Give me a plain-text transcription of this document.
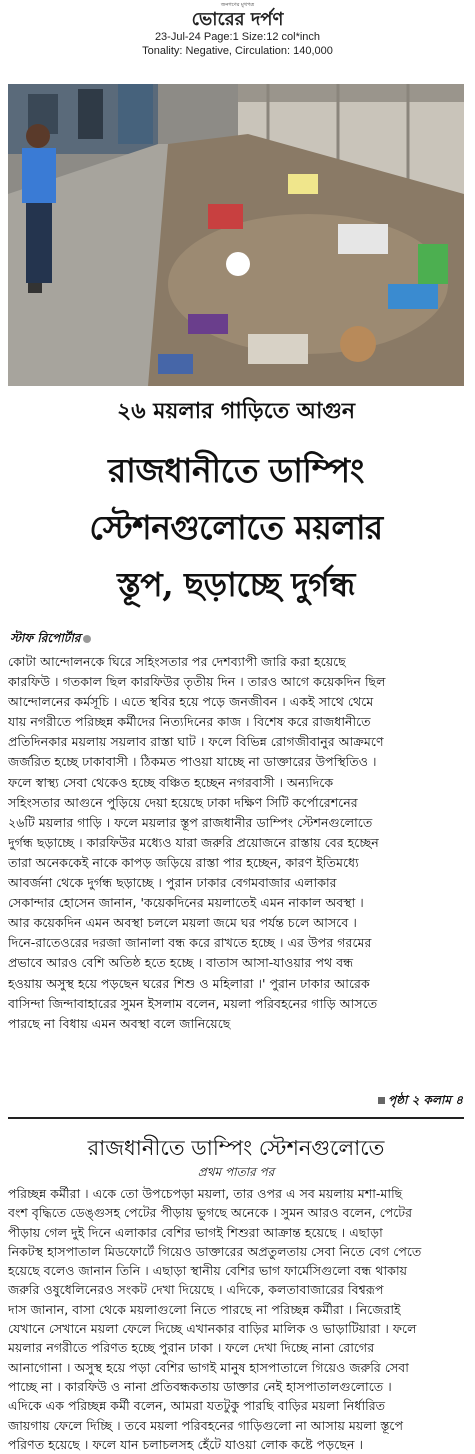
জনগণের মুখপত্র
ভোরের দর্পণ
23-Jul-24 Page:1 Size:12 col*inch
Tonality: Negative, Circulation: 140,000
২৬ ময়লার গাড়িতে আগুন
রাজধানীতে ডাম্পিং
স্টেশনগুলোতে ময়লার
স্তূপ, ছড়াচ্ছে দুর্গন্ধ
স্টাফ রিপোর্টার
কোটা আন্দোলনকে ঘিরে সহিংসতার পর দেশব্যাপী জারি করা হয়েছে
কারফিউ । গতকাল ছিল কারফিউর তৃতীয় দিন । তারও আগে কয়েকদিন ছিল
আন্দোলনের কর্মসূচি । এতে স্থবির হয়ে পড়ে জনজীবন । একই সাথে থেমে
যায় নগরীতে পরিচ্ছন্ন কর্মীদের নিত্যদিনের কাজ । বিশেষ করে রাজধানীতে
প্রতিদিনকার ময়লায় সয়লাব রাস্তা ঘাট । ফলে বিভিন্ন রোগজীবানুর আক্রমণে
জর্জরিত হচ্ছে ঢাকাবাসী । ঠিকমত পাওয়া যাচ্ছে না ডাক্তারের উপস্থিতিও ।
ফলে স্বাস্থ্য সেবা থেকেও হচ্ছে বঞ্চিত হচ্ছেন নগরবাসী । অন্যদিকে
সহিংসতার আগুনে পুড়িয়ে দেয়া হয়েছে ঢাকা দক্ষিণ সিটি কর্পোরেশনের
২৬টি ময়লার গাড়ি । ফলে ময়লার স্তূপ রাজধানীর ডাম্পিং স্টেশনগুলোতে
দুর্গন্ধ ছড়াচ্ছে । কারফিউর মধ্যেও যারা জরুরি প্রয়োজনে রাস্তায় বের হচ্ছেন
তারা অনেককেই নাকে কাপড় জড়িয়ে রাস্তা পার হচ্ছেন, কারণ ইতিমধ্যে
আবর্জনা থেকে দুর্গন্ধ ছড়াচ্ছে । পুরান ঢাকার বেগমবাজার এলাকার
সেকান্দার হোসেন জানান, 'কয়েকদিনের ময়লাতেই এমন নাকাল অবস্থা ।
আর কয়েকদিন এমন অবস্থা চললে ময়লা জমে ঘর পর্যন্ত চলে আসবে ।
দিনে-রাতেওরের দরজা জানালা বন্ধ করে রাখতে হচ্ছে । এর উপর গরমের
প্রভাবে আরও বেশি অতিষ্ঠ হতে হচ্ছে । বাতাস আসা-যাওয়ার পথ বন্ধ
হওয়ায় অসুস্থ হয়ে পড়ছেন ঘরের শিশু ও মহিলারা ।' পুরান ঢাকার আরেক
বাসিন্দা জিন্দাবাহারের সুমন ইসলাম বলেন, ময়লা পরিবহনের গাড়ি আসতে
পারছে না বিধায় এমন অবস্থা বলে জানিয়েছে
পৃষ্ঠা ২ কলাম ৪
রাজধানীতে ডাম্পিং স্টেশনগুলোতে
প্রথম পাতার পর
পরিচ্ছন্ন কর্মীরা । একে তো উপচেপড়া ময়লা, তার ওপর এ সব ময়লায় মশা-মাছি
বংশ বৃদ্ধিতে ডেঙ্গুসহ পেটের পীড়ায় ভুগছে অনেকে । সুমন আরও বলেন, পেটের
পীড়ায় গেল দুই দিনে এলাকার বেশির ভাগই শিশুরা আক্রান্ত হয়েছে । এছাড়া
নিকটস্থ হাসপাতাল মিডফোর্টে গিয়েও ডাক্তারের অপ্রতুলতায় সেবা নিতে বেগ পেতে
হয়েছে বলেও জানান তিনি । এছাড়া স্থানীয় বেশির ভাগ ফার্মেসিগুলো বন্ধ থাকায়
জরুরি ওষুধেলিনেরও সংকট দেখা দিয়েছে । এদিকে, কলতাবাজারের বিশ্বরূপ
দাস জানান, বাসা থেকে ময়লাগুলো নিতে পারছে না পরিচ্ছন্ন কর্মীরা । নিজেরাই
যেখানে সেখানে ময়লা ফেলে দিচ্ছে এখানকার বাড়ির মালিক ও ভাড়াটিয়ারা । ফলে
ময়লার নগরীতে পরিণত হচ্ছে পুরান ঢাকা । ফলে দেখা দিচ্ছে নানা রোগের
আনাগোনা । অসুস্থ হয়ে পড়া বেশির ভাগই মানুষ হাসপাতালে গিয়েও জরুরি সেবা
পাচ্ছে না । কারফিউ ও নানা প্রতিবন্ধকতায় ডাক্তার নেই হাসপাতালগুলোতে ।
এদিকে এক পরিচ্ছন্ন কর্মী বলেন, আমরা যতটুকু পারছি বাড়ির ময়লা নির্ধারিত
জায়গায় ফেলে দিচ্ছি । তবে ময়লা পরিবহনের গাড়িগুলো না আসায় ময়লা স্তূপে
পরিণত হয়েছে । ফলে যান চলাচলসহ হেঁটে যাওয়া লোক কষ্টে পড়ছেন ।
